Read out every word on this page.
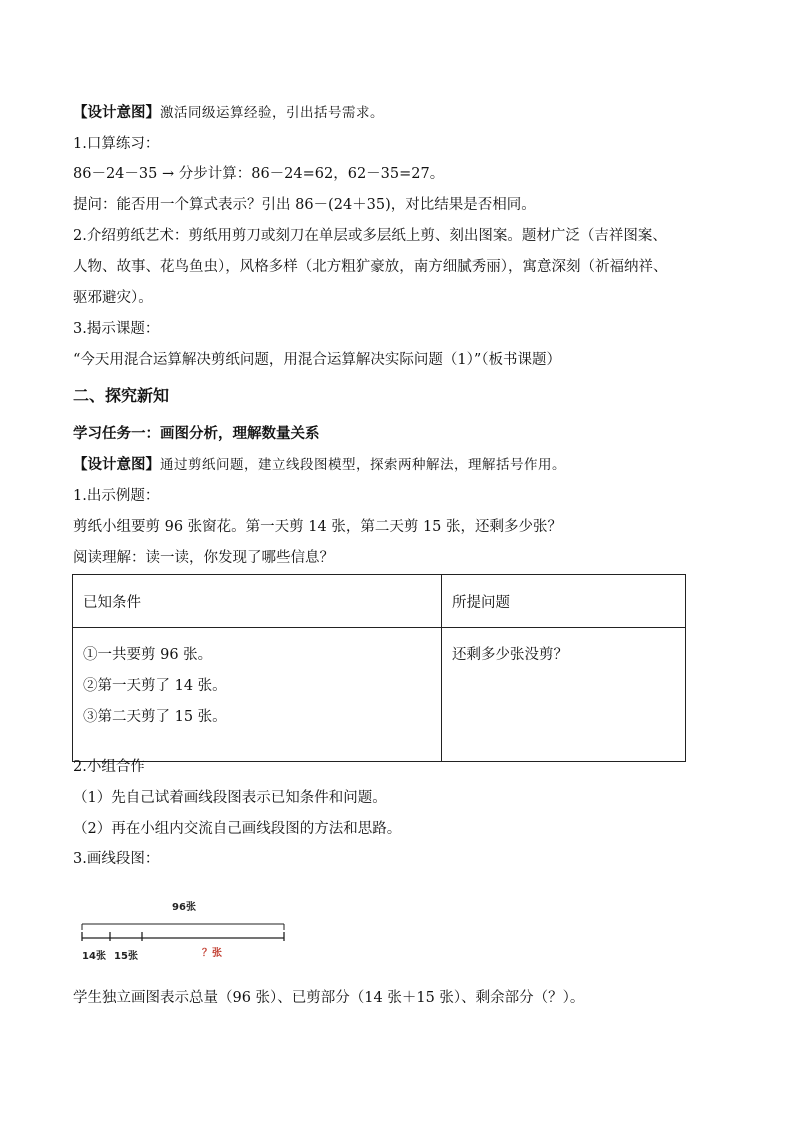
【设计意图】激活同级运算经验，引出括号需求。
1.口算练习：
86－24－35 → 分步计算：86－24=62，62－35=27。
提问：能否用一个算式表示？引出 86－(24＋35)，对比结果是否相同。
2.介绍剪纸艺术：剪纸用剪刀或刻刀在单层或多层纸上剪、刻出图案。题材广泛（吉祥图案、
人物、故事、花鸟鱼虫），风格多样（北方粗犷豪放，南方细腻秀丽），寓意深刻（祈福纳祥、
驱邪避灾）。
3.揭示课题：
“今天用混合运算解决剪纸问题，用混合运算解决实际问题（1）”（板书课题）
二、探究新知
学习任务一：画图分析，理解数量关系
【设计意图】通过剪纸问题，建立线段图模型，探索两种解法，理解括号作用。
1.出示例题：
剪纸小组要剪 96 张窗花。第一天剪 14 张，第二天剪 15 张，还剩多少张？
阅读理解：读一读，你发现了哪些信息？
已知条件	所提问题

①一共要剪 96 张。
②第一天剪了 14 张。
③第二天剪了 15 张。	还剩多少张没剪？
2.小组合作
（1）先自己试着画线段图表示已知条件和问题。
（2）再在小组内交流自己画线段图的方法和思路。
3.画线段图：
96张
14张 15张	？张
学生独立画图表示总量（96 张）、已剪部分（14 张＋15 张）、剩余部分（？）。
